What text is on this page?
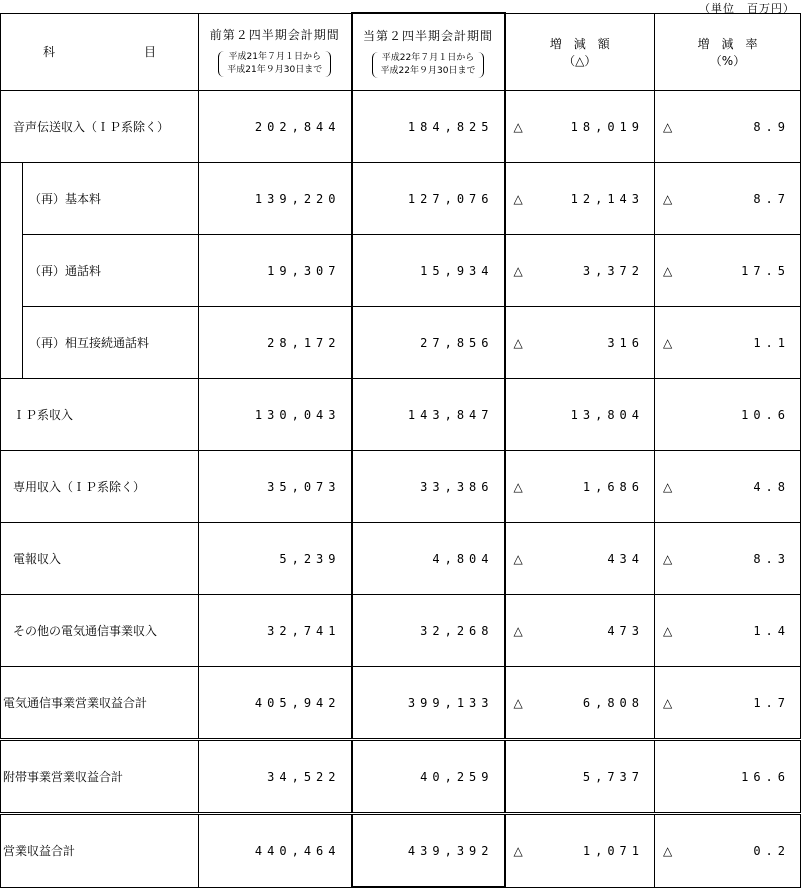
（単位　百万円）
科 目		前第２四半期会計期間
平成21年７月１日から
平成21年９月30日まで	当第２四半期会計期間
平成22年７月１日から
平成22年９月30日まで	増　減　額
（△）	増　減　率
（%）
音声伝送収入（ＩＰ系除く）		202,844	184,825	△ 18,019	△ 8.9

	（再）基本料	139,220	127,076	△ 12,143	△ 8.7

	（再）通話料	19,307	15,934	△ 3,372	△ 17.5

	（再）相互接続通話料	28,172	27,856	△ 316	△ 1.1

ＩＰ系収入		130,043	143,847	13,804	10.6

専用収入（ＩＰ系除く）		35,073	33,386	△ 1,686	△ 4.8

電報収入		5,239	4,804	△ 434	△ 8.3

その他の電気通信事業収入		32,741	32,268	△ 473	△ 1.4

電気通信事業営業収益合計		405,942	399,133	△ 6,808	△ 1.7

附帯事業営業収益合計		34,522	40,259	5,737	16.6

営業収益合計		440,464	439,392	△ 1,071	△ 0.2
